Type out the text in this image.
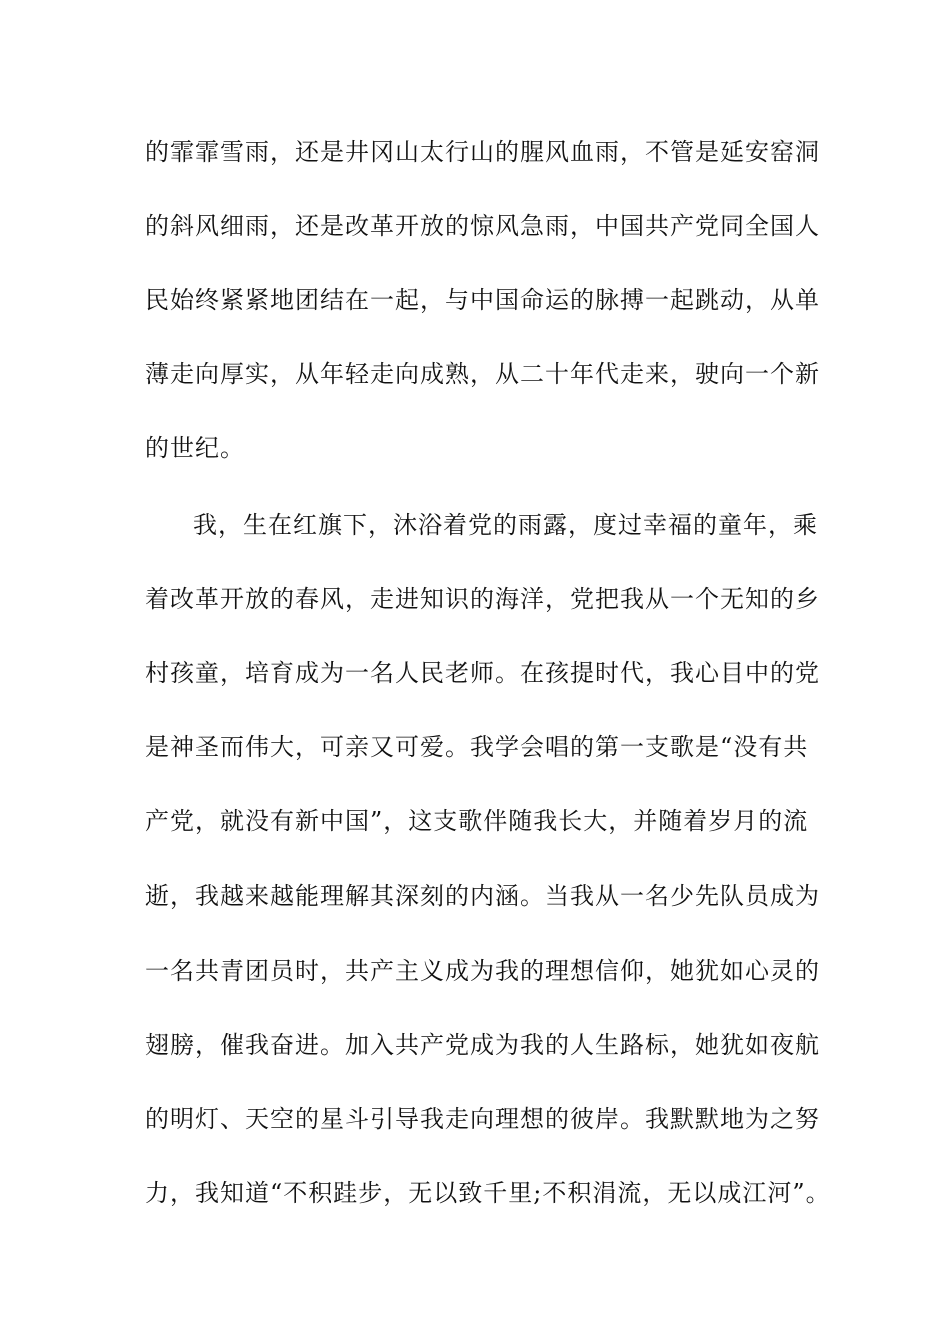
的霏霏雪雨，还是井冈山太行山的腥风血雨，不管是延安窑洞
的斜风细雨，还是改革开放的惊风急雨，中国共产党同全国人
民始终紧紧地团结在一起，与中国命运的脉搏一起跳动，从单
薄走向厚实，从年轻走向成熟，从二十年代走来，驶向一个新
的世纪。
我，生在红旗下，沐浴着党的雨露，度过幸福的童年，乘
着改革开放的春风，走进知识的海洋，党把我从一个无知的乡
村孩童，培育成为一名人民老师。在孩提时代，我心目中的党
是神圣而伟大，可亲又可爱。我学会唱的第一支歌是“没有共
产党，就没有新中国”，这支歌伴随我长大，并随着岁月的流
逝，我越来越能理解其深刻的内涵。当我从一名少先队员成为
一名共青团员时，共产主义成为我的理想信仰，她犹如心灵的
翅膀，催我奋进。加入共产党成为我的人生路标，她犹如夜航
的明灯、天空的星斗引导我走向理想的彼岸。我默默地为之努
力，我知道“不积跬步，无以致千里;不积涓流，无以成江河”。
